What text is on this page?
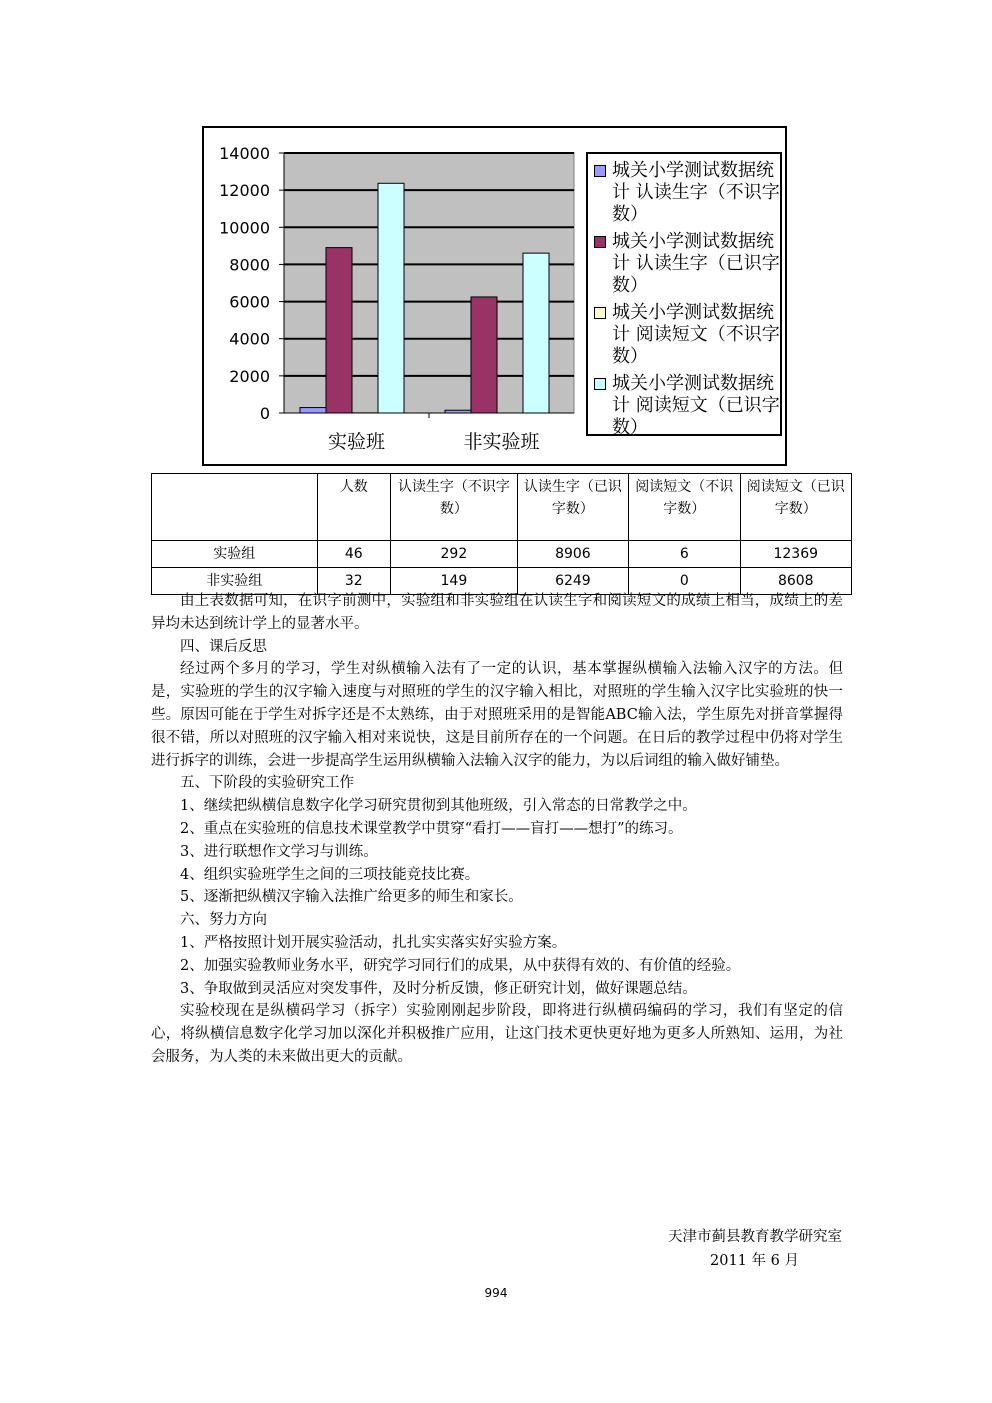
0
2000
4000
6000
8000
10000
12000
14000
实验班	非实验班
城关小学测试数据统计 认读生字（不识字数）
城关小学测试数据统计 认读生字（已识字数）
城关小学测试数据统计 阅读短文（不识字数）
城关小学测试数据统计 阅读短文（已识字数）
	人数	认读生字（不识字数）	认读生字（已识字数）	阅读短文（不识字数）	阅读短文（已识字数）
实验组	46	292	8906	6	12369
非实验组	32	149	6249	0	8608

由上表数据可知，在识字前测中，实验组和非实验组在认读生字和阅读短文的成绩上相当，成绩上的差异均未达到统计学上的显著水平。

四、课后反思

经过两个多月的学习，学生对纵横输入法有了一定的认识，基本掌握纵横输入法输入汉字的方法。但是，实验班的学生的汉字输入速度与对照班的学生的汉字输入相比，对照班的学生输入汉字比实验班的快一些。原因可能在于学生对拆字还是不太熟练，由于对照班采用的是智能ABC输入法，学生原先对拼音掌握得很不错，所以对照班的汉字输入相对来说快，这是目前所存在的一个问题。在日后的教学过程中仍将对学生进行拆字的训练，会进一步提高学生运用纵横输入法输入汉字的能力，为以后词组的输入做好铺垫。

五、下阶段的实验研究工作

1、继续把纵横信息数字化学习研究贯彻到其他班级，引入常态的日常教学之中。

2、重点在实验班的信息技术课堂教学中贯穿“看打——盲打——想打”的练习。

3、进行联想作文学习与训练。

4、组织实验班学生之间的三项技能竞技比赛。

5、逐渐把纵横汉字输入法推广给更多的师生和家长。

六、努力方向

1、严格按照计划开展实验活动，扎扎实实落实好实验方案。

2、加强实验教师业务水平，研究学习同行们的成果，从中获得有效的、有价值的经验。

3、争取做到灵活应对突发事件，及时分析反馈，修正研究计划，做好课题总结。

实验校现在是纵横码学习（拆字）实验刚刚起步阶段，即将进行纵横码编码的学习，我们有坚定的信心，将纵横信息数字化学习加以深化并积极推广应用，让这门技术更快更好地为更多人所熟知、运用，为社会服务，为人类的未来做出更大的贡献。

天津市蓟县教育教学研究室
2011 年 6 月
994
